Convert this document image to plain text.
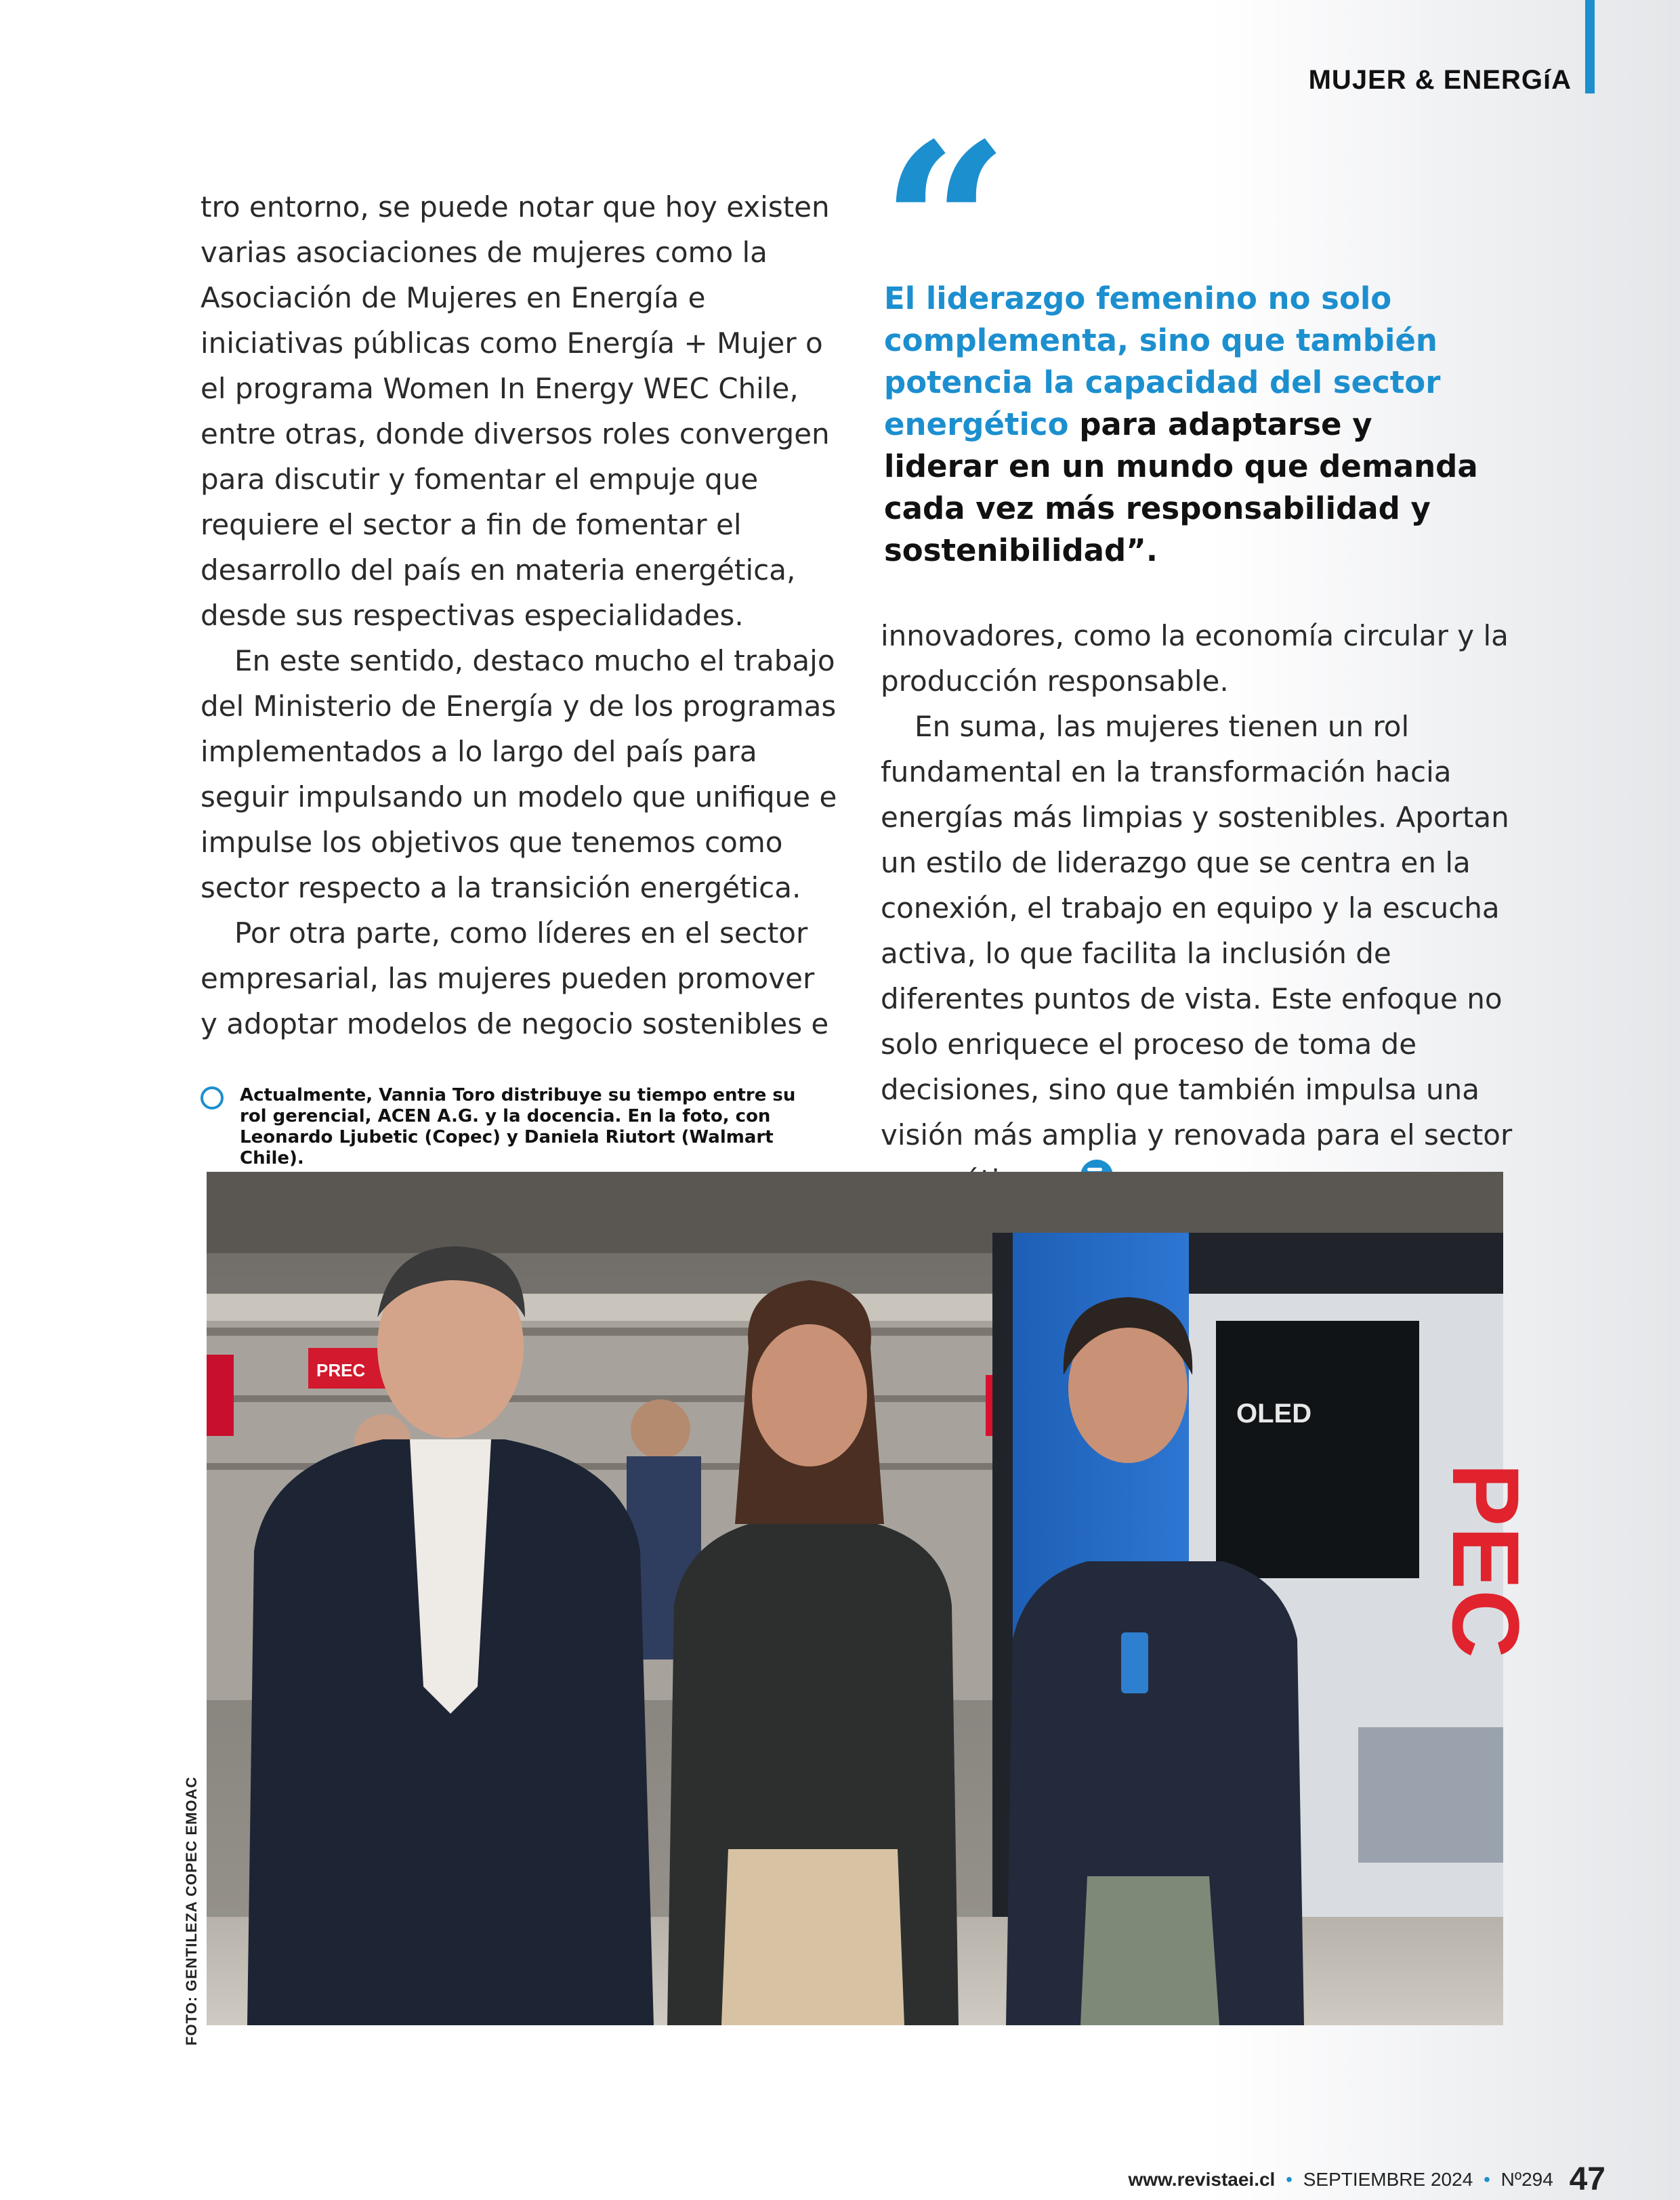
MUJER & ENERGíA

tro entorno, se puede notar que hoy existen varias asociaciones de mujeres como la Asociación de Mujeres en Energía e iniciativas públicas como Energía + Mujer o el programa Women In Energy WEC Chile, entre otras, donde diversos roles convergen para discutir y fomentar el empuje que requiere el sector a fin de fomentar el desarrollo del país en materia energética, desde sus respectivas especialidades.

En este sentido, destaco mucho el trabajo del Ministerio de Energía y de los programas implementados a lo largo del país para seguir impulsando un modelo que unifique e impulse los objetivos que tenemos como sector respecto a la transición energética.

Por otra parte, como líderes en el sector empresarial, las mujeres pueden promover y adoptar modelos de negocio sostenibles e

“
El liderazgo femenino no solo complementa, sino que también potencia la capacidad del sector energético para adaptarse y liderar en un mundo que demanda cada vez más responsabilidad y sostenibilidad”.

innovadores, como la economía circular y la producción responsable.

En suma, las mujeres tienen un rol fundamental en la transformación hacia energías más limpias y sostenibles. Aportan un estilo de liderazgo que se centra en la conexión, el trabajo en equipo y la escucha activa, lo que facilita la inclusión de diferentes puntos de vista. Este enfoque no solo enriquece el proceso de toma de decisiones, sino que también impulsa una visión más amplia y renovada para el sector

Actualmente, Vannia Toro distribuye su tiempo entre su rol gerencial, ACEN A.G. y la docencia. En la foto, con Leonardo Ljubetic (Copec) y Daniela Riutort (Walmart Chile).
PREC
OLED
PEC
FOTO: GENTILEZA COPEC EMOAC
www.revistaei.cl • SEPTIEMBRE 2024 • Nº294 47
